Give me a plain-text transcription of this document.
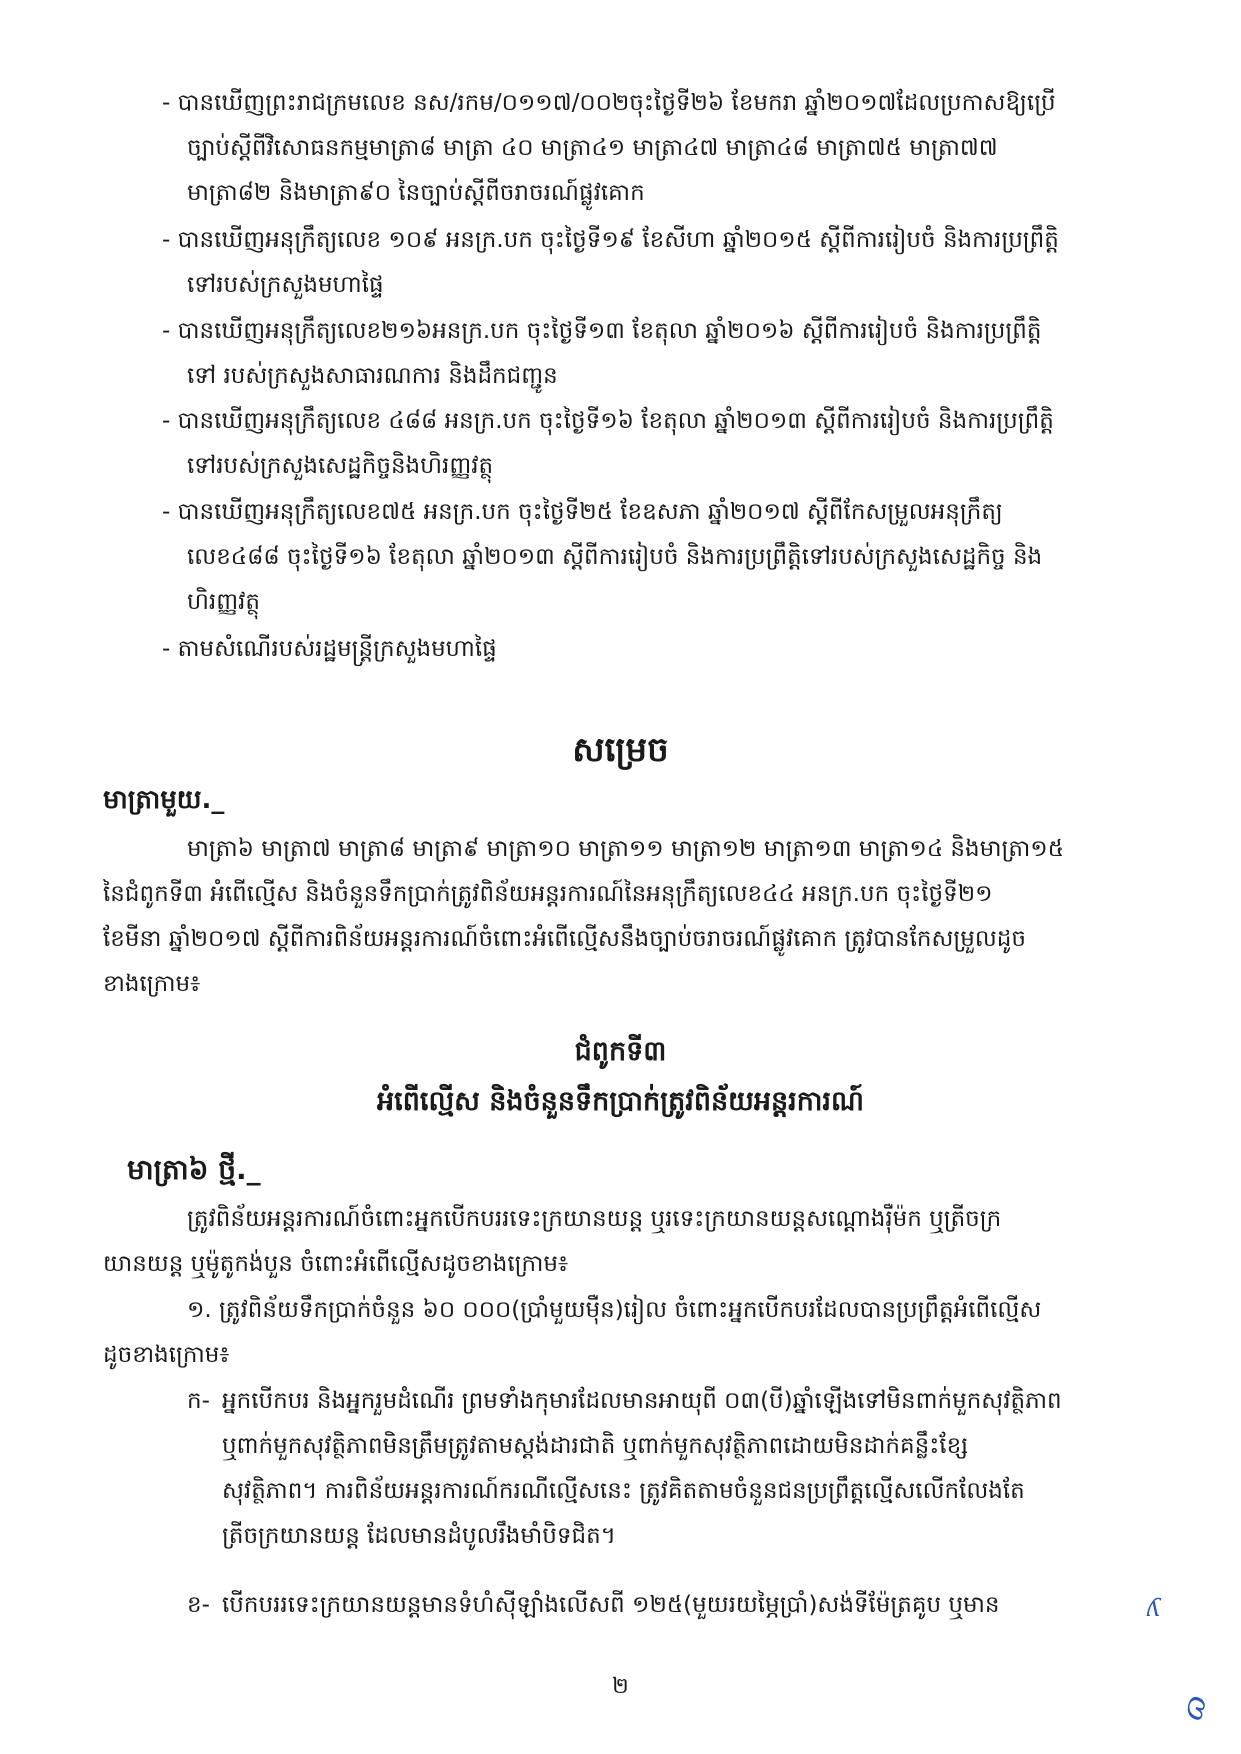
- បានឃើញព្រះរាជក្រមលេខ នស/រកម/០១១៧/០០២ចុះថ្ងៃទី២៦ ខែមករា ឆ្នាំ២០១៧ដែលប្រកាសឱ្យប្រើ
ច្បាប់ស្តីពីវិសោធនកម្មមាត្រា៨ មាត្រា ៤០ មាត្រា៤១ មាត្រា៤៧ មាត្រា៤៨ មាត្រា៧៥ មាត្រា៧៧
មាត្រា៨២ និងមាត្រា៩០ នៃច្បាប់ស្តីពីចរាចរណ៍ផ្លូវគោក
- បានឃើញអនុក្រឹត្យលេខ ១០៩ អនក្រ.បក ចុះថ្ងៃទី១៩ ខែសីហា ឆ្នាំ២០១៥ ស្តីពីការរៀបចំ និងការប្រព្រឹត្តិ
ទៅរបស់ក្រសួងមហាផ្ទៃ
- បានឃើញអនុក្រឹត្យលេខ២១៦អនក្រ.បក ចុះថ្ងៃទី១៣ ខែតុលា ឆ្នាំ២០១៦ ស្តីពីការរៀបចំ និងការប្រព្រឹត្តិ
ទៅ របស់ក្រសួងសាធារណការ និងដឹកជញ្ជូន
- បានឃើញអនុក្រឹត្យលេខ ៤៨៨ អនក្រ.បក ចុះថ្ងៃទី១៦ ខែតុលា ឆ្នាំ២០១៣ ស្តីពីការរៀបចំ និងការប្រព្រឹត្តិ
ទៅរបស់ក្រសួងសេដ្ឋកិច្ចនិងហិរញ្ញវត្ថុ
- បានឃើញអនុក្រឹត្យលេខ៧៥ អនក្រ.បក ចុះថ្ងៃទី២៥ ខែឧសភា ឆ្នាំ២០១៧ ស្តីពីកែសម្រួលអនុក្រឹត្យ
លេខ៤៨៨ ចុះថ្ងៃទី១៦ ខែតុលា ឆ្នាំ២០១៣ ស្តីពីការរៀបចំ និងការប្រព្រឹត្តិទៅរបស់ក្រសួងសេដ្ឋកិច្ច និង
ហិរញ្ញវត្ថុ
- តាមសំណើរបស់រដ្ឋមន្ត្រីក្រសួងមហាផ្ទៃ
សម្រេច
មាត្រាមួយ._
មាត្រា៦ មាត្រា៧ មាត្រា៨ មាត្រា៩ មាត្រា១០ មាត្រា១១ មាត្រា១២ មាត្រា១៣ មាត្រា១៤ និងមាត្រា១៥
នៃជំពូកទី៣ អំពើល្មើស និងចំនួនទឹកប្រាក់ត្រូវពិន័យអន្តរការណ៍នៃអនុក្រឹត្យលេខ៤៤ អនក្រ.បក ចុះថ្ងៃទី២១
ខែមីនា ឆ្នាំ២០១៧ ស្តីពីការពិន័យអន្តរការណ៍ចំពោះអំពើល្មើសនឹងច្បាប់ចរាចរណ៍ផ្លូវគោក ត្រូវបានកែសម្រួលដូច
ខាងក្រោម៖
ជំពូកទី៣
អំពើល្មើស និងចំនួនទឹកប្រាក់ត្រូវពិន័យអន្តរការណ៍
មាត្រា៦ ថ្មី._
ត្រូវពិន័យអន្តរការណ៍ចំពោះអ្នកបើកបររទេះក្រយានយន្ត ឬរទេះក្រយានយន្តសណ្តោងរ៉ឺម៉ក ឬត្រីចក្រ
យានយន្ត ឬម៉ូតូកង់បួន ចំពោះអំពើល្មើសដូចខាងក្រោម៖
១. ត្រូវពិន័យទឹកប្រាក់ចំនួន ៦០ ០០០(ប្រាំមួយម៉ឺន)រៀល ចំពោះអ្នកបើកបរដែលបានប្រព្រឹត្តអំពើល្មើស
ដូចខាងក្រោម៖
ក- អ្នកបើកបរ និងអ្នករួមដំណើរ ព្រមទាំងកុមារដែលមានអាយុពី ០៣(បី)ឆ្នាំឡើងទៅមិនពាក់មួកសុវត្ថិភាព
ឬពាក់មួកសុវត្ថិភាពមិនត្រឹមត្រូវតាមស្តង់ដារជាតិ ឬពាក់មួកសុវត្ថិភាពដោយមិនដាក់គន្លឹះខ្សែ
សុវត្ថិភាព។ ការពិន័យអន្តរការណ៍ករណីល្មើសនេះ ត្រូវគិតតាមចំនួនជនប្រព្រឹត្តល្មើសលើកលែងតែ
ត្រីចក្រយានយន្ត ដែលមានដំបូលរឹងមាំបិទជិត។
ខ- បើកបររទេះក្រយានយន្តមានទំហំស៊ីឡាំងលើសពី ១២៥(មួយរយម្ភៃប្រាំ)សង់ទីម៉ែត្រគូប ឬមាន	ʎ
ɷ
២
